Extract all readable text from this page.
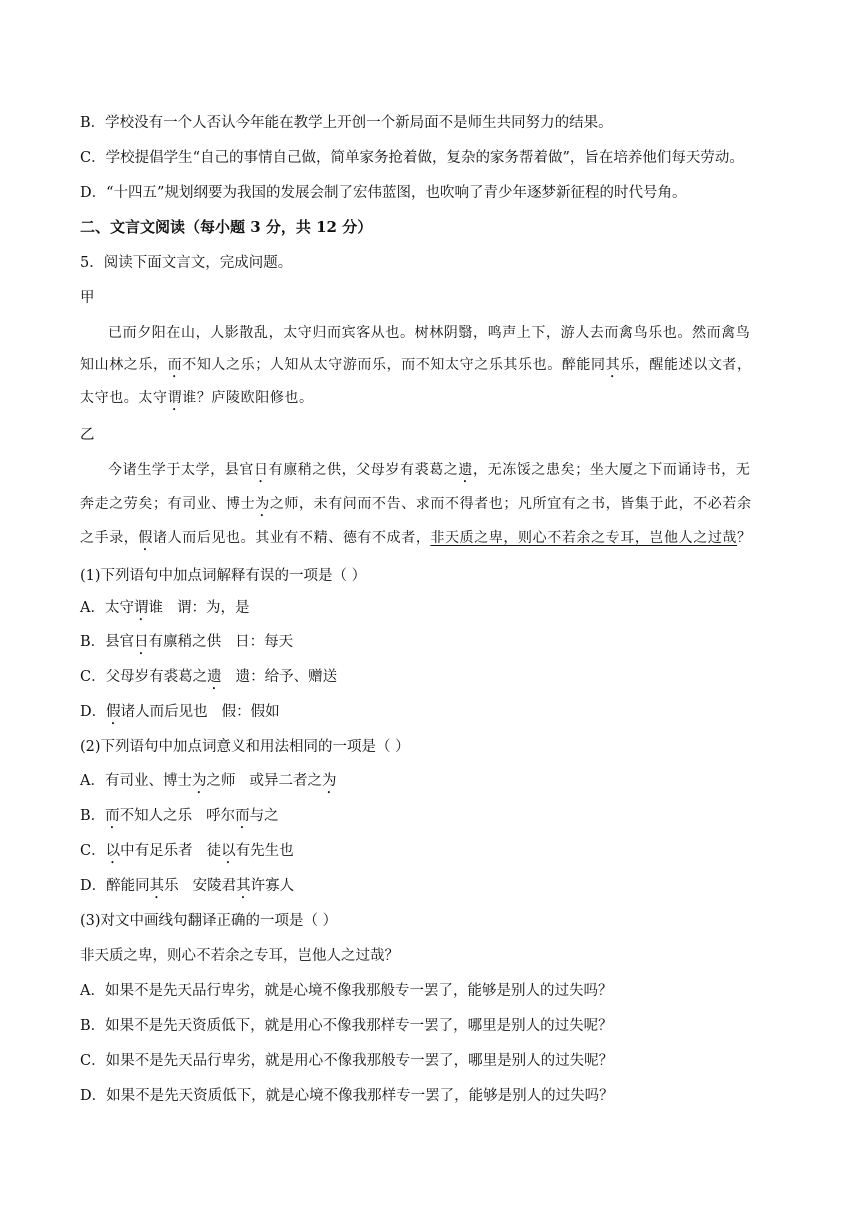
B．学校没有一个人否认今年能在教学上开创一个新局面不是师生共同努力的结果。
C．学校提倡学生“自己的事情自己做，简单家务抢着做，复杂的家务帮着做”，旨在培养他们每天劳动。
D．“十四五”规划纲要为我国的发展会制了宏伟蓝图，也吹响了青少年逐梦新征程的时代号角。
二、文言文阅读（每小题 3 分，共 12 分）
5．阅读下面文言文，完成问题。
甲
已而夕阳在山，人影散乱，太守归而宾客从也。树林阴翳，鸣声上下，游人去而禽鸟乐也。然而禽鸟
知山林之乐，而不知人之乐；人知从太守游而乐，而不知太守之乐其乐也。醉能同其乐，醒能述以文者，
太守也。太守谓谁？庐陵欧阳修也。
乙
今诸生学于太学，县官日有廪稍之供，父母岁有裘葛之遗，无冻馁之患矣；坐大厦之下而诵诗书，无
奔走之劳矣；有司业、博士为之师，未有问而不告、求而不得者也；凡所宜有之书，皆集于此，不必若余
之手录，假诸人而后见也。其业有不精、德有不成者，非天质之卑，则心不若余之专耳，岂他人之过哉？
(1)下列语句中加点词解释有误的一项是（ ）
A．太守谓谁 谓：为，是
B．县官日有廪稍之供 日：每天
C．父母岁有裘葛之遗 遗：给予、赠送
D．假诸人而后见也 假：假如
(2)下列语句中加点词意义和用法相同的一项是（ ）
A．有司业、博士为之师 或异二者之为
B．而不知人之乐 呼尔而与之
C．以中有足乐者 徒以有先生也
D．醉能同其乐 安陵君其许寡人
(3)对文中画线句翻译正确的一项是（ ）
非天质之卑，则心不若余之专耳，岂他人之过哉？
A．如果不是先天品行卑劣，就是心境不像我那般专一罢了，能够是别人的过失吗？
B．如果不是先天资质低下，就是用心不像我那样专一罢了，哪里是别人的过失呢？
C．如果不是先天品行卑劣，就是用心不像我那般专一罢了，哪里是别人的过失呢？
D．如果不是先天资质低下，就是心境不像我那样专一罢了，能够是别人的过失吗？
